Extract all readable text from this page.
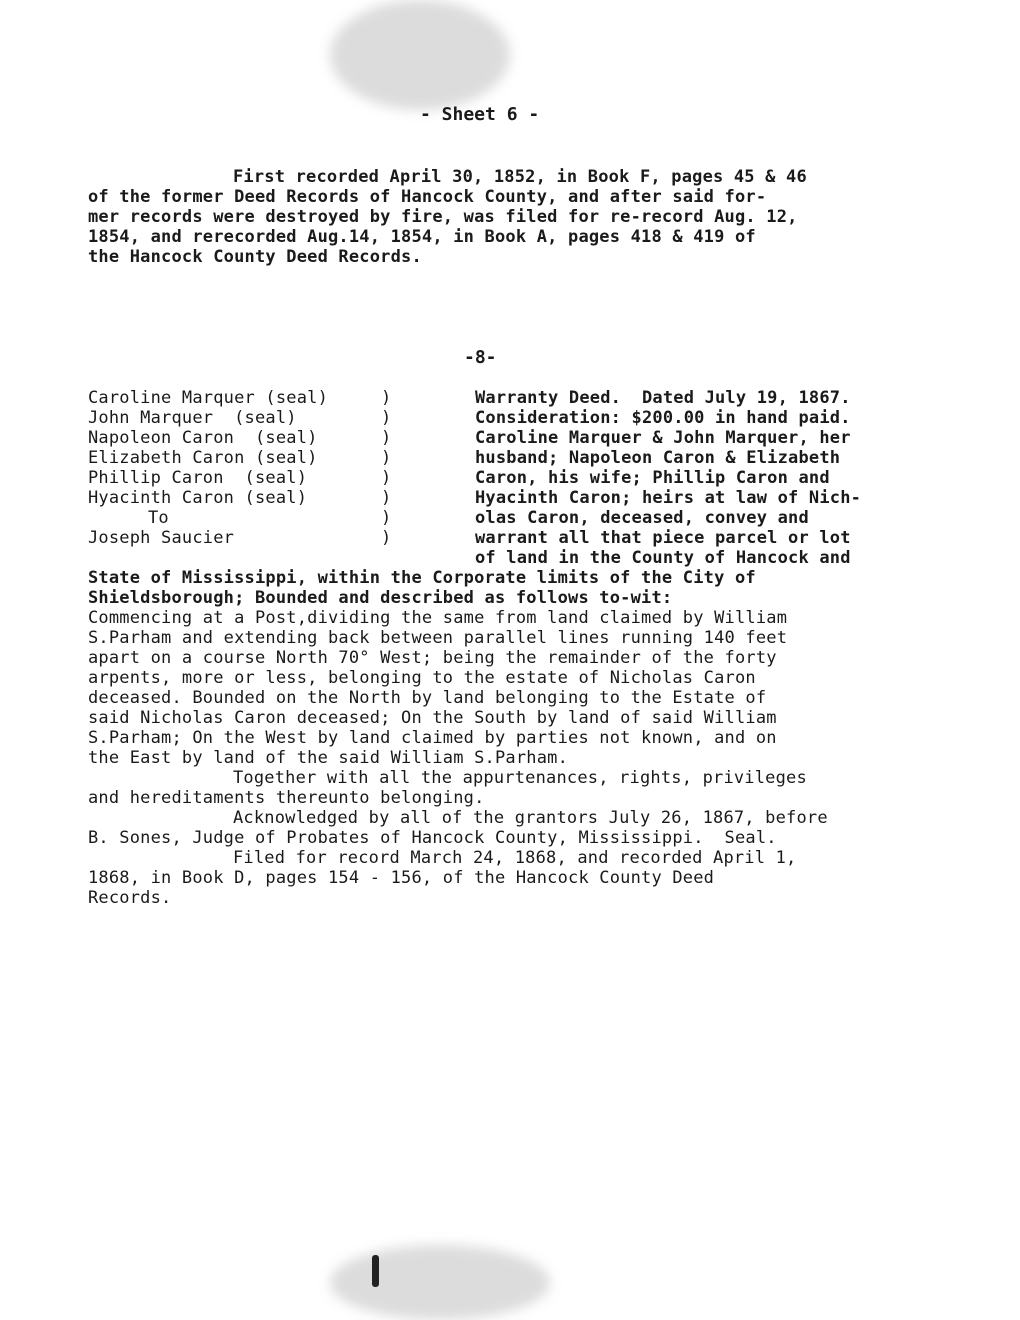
- Sheet 6 -
First recorded April 30, 1852, in Book F, pages 45 & 46
of the former Deed Records of Hancock County, and after said for-
mer records were destroyed by fire, was filed for re-record Aug. 12,
1854, and rerecorded Aug.14, 1854, in Book A, pages 418 & 419 of
the Hancock County Deed Records.
-8-
Caroline Marquer (seal)
John Marquer  (seal)
Napoleon Caron  (seal)
Elizabeth Caron (seal)
Phillip Caron  (seal)
Hyacinth Caron (seal)
To
Joseph Saucier
)
)
)
)
)
)
)
)
Warranty Deed.  Dated July 19, 1867.
Consideration: $200.00 in hand paid.
Caroline Marquer & John Marquer, her
husband; Napoleon Caron & Elizabeth
Caron, his wife; Phillip Caron and
Hyacinth Caron; heirs at law of Nich-
olas Caron, deceased, convey and
warrant all that piece parcel or lot
of land in the County of Hancock and
State of Mississippi, within the Corporate limits of the City of
Shieldsborough; Bounded and described as follows to-wit:
Commencing at a Post,dividing the same from land claimed by William
S.Parham and extending back between parallel lines running 140 feet
apart on a course North 70° West; being the remainder of the forty
arpents, more or less, belonging to the estate of Nicholas Caron
deceased. Bounded on the North by land belonging to the Estate of
said Nicholas Caron deceased; On the South by land of said William
S.Parham; On the West by land claimed by parties not known, and on
the East by land of the said William S.Parham.
Together with all the appurtenances, rights, privileges
and hereditaments thereunto belonging.
Acknowledged by all of the grantors July 26, 1867, before
B. Sones, Judge of Probates of Hancock County, Mississippi.  Seal.
Filed for record March 24, 1868, and recorded April 1,
1868, in Book D, pages 154 - 156, of the Hancock County Deed
Records.
